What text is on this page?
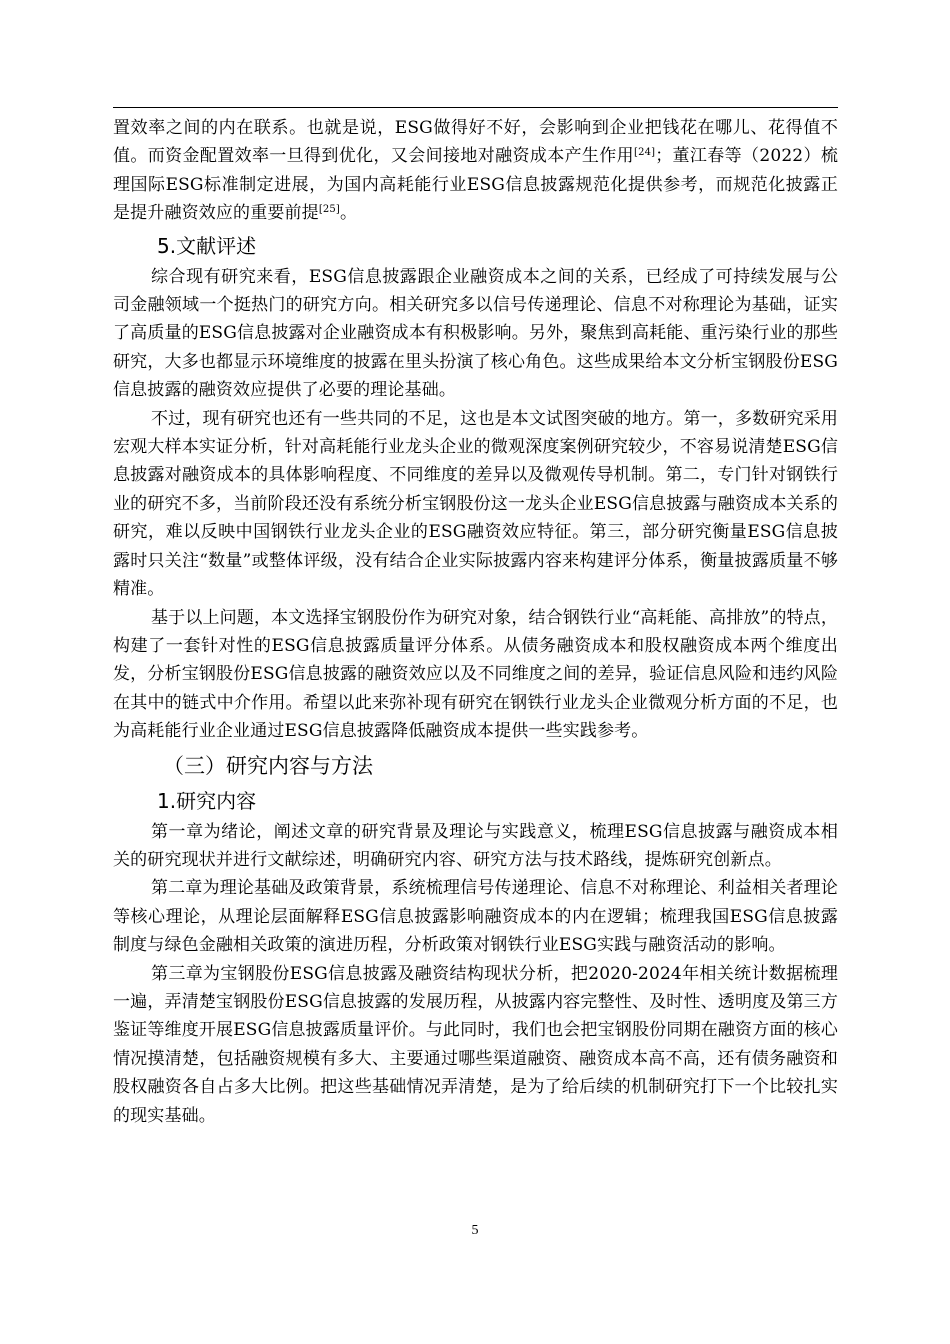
置效率之间的内在联系。也就是说，ESG做得好不好，会影响到企业把钱花在哪儿、花得值不值。而资金配置效率一旦得到优化，又会间接地对融资成本产生作用[24]；董江春等（2022）梳理国际ESG标准制定进展，为国内高耗能行业ESG信息披露规范化提供参考，而规范化披露正是提升融资效应的重要前提[25]。

5.文献评述

综合现有研究来看，ESG信息披露跟企业融资成本之间的关系，已经成了可持续发展与公司金融领域一个挺热门的研究方向。相关研究多以信号传递理论、信息不对称理论为基础，证实了高质量的ESG信息披露对企业融资成本有积极影响。另外，聚焦到高耗能、重污染行业的那些研究，大多也都显示环境维度的披露在里头扮演了核心角色。这些成果给本文分析宝钢股份ESG信息披露的融资效应提供了必要的理论基础。

不过，现有研究也还有一些共同的不足，这也是本文试图突破的地方。第一，多数研究采用宏观大样本实证分析，针对高耗能行业龙头企业的微观深度案例研究较少，不容易说清楚ESG信息披露对融资成本的具体影响程度、不同维度的差异以及微观传导机制。第二，专门针对钢铁行业的研究不多，当前阶段还没有系统分析宝钢股份这一龙头企业ESG信息披露与融资成本关系的研究，难以反映中国钢铁行业龙头企业的ESG融资效应特征。第三，部分研究衡量ESG信息披露时只关注“数量”或整体评级，没有结合企业实际披露内容来构建评分体系，衡量披露质量不够精准。

基于以上问题，本文选择宝钢股份作为研究对象，结合钢铁行业“高耗能、高排放”的特点，构建了一套针对性的ESG信息披露质量评分体系。从债务融资成本和股权融资成本两个维度出发，分析宝钢股份ESG信息披露的融资效应以及不同维度之间的差异，验证信息风险和违约风险在其中的链式中介作用。希望以此来弥补现有研究在钢铁行业龙头企业微观分析方面的不足，也为高耗能行业企业通过ESG信息披露降低融资成本提供一些实践参考。

（三）研究内容与方法
1.研究内容

第一章为绪论，阐述文章的研究背景及理论与实践意义，梳理ESG信息披露与融资成本相关的研究现状并进行文献综述，明确研究内容、研究方法与技术路线，提炼研究创新点。

第二章为理论基础及政策背景，系统梳理信号传递理论、信息不对称理论、利益相关者理论等核心理论，从理论层面解释ESG信息披露影响融资成本的内在逻辑；梳理我国ESG信息披露制度与绿色金融相关政策的演进历程，分析政策对钢铁行业ESG实践与融资活动的影响。

第三章为宝钢股份ESG信息披露及融资结构现状分析，把2020-2024年相关统计数据梳理一遍，弄清楚宝钢股份ESG信息披露的发展历程，从披露内容完整性、及时性、透明度及第三方鉴证等维度开展ESG信息披露质量评价。与此同时，我们也会把宝钢股份同期在融资方面的核心情况摸清楚，包括融资规模有多大、主要通过哪些渠道融资、融资成本高不高，还有债务融资和股权融资各自占多大比例。把这些基础情况弄清楚，是为了给后续的机制研究打下一个比较扎实的现实基础。

5
